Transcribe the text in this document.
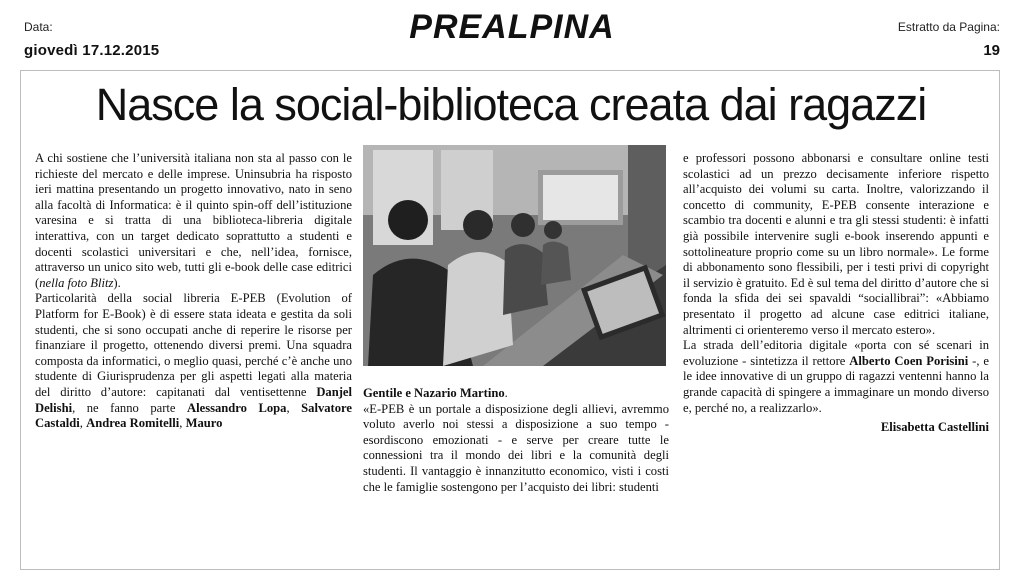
Data:
giovedì 17.12.2015
PREALPINA	Estratto da Pagina:
19
Nasce la social-biblioteca creata dai ragazzi

A chi sostiene che l’università italiana non sta al passo con le richieste del mercato e delle imprese. Uninsubria ha risposto ieri mattina presentando un progetto innovativo, nato in seno alla facoltà di Informatica: è il quinto spin-off dell’istituzione varesina e si tratta di una biblioteca-libreria digitale interattiva, con un target dedicato soprattutto a studenti e docenti scolastici universitari e che, nell’idea, fornisce, attraverso un unico sito web, tutti gli e-book delle case editrici (nella foto Blitz).

Particolarità della social libreria E-PEB (Evolution of Platform for E-Book) è di essere stata ideata e gestita da soli studenti, che si sono occupati anche di reperire le risorse per finanziare il progetto, ottenendo diversi premi. Una squadra composta da informatici, o meglio quasi, perché c’è anche uno studente di Giurisprudenza per gli aspetti legati alla materia del diritto d’autore: capitanati dal ventisettenne Danjel Delishi, ne fanno parte Alessandro Lopa, Salvatore Castaldi, Andrea Romitelli, Mauro

Gentile e Nazario Martino.

«E-PEB è un portale a disposizione degli allievi, avremmo voluto averlo noi stessi a disposizione a suo tempo - esordiscono emozionati - e serve per creare tutte le connessioni tra il mondo dei libri e la comunità degli studenti. Il vantaggio è innanzitutto economico, visti i costi che le famiglie sostengono per l’acquisto dei libri: studenti

e professori possono abbonarsi e consultare online testi scolastici ad un prezzo decisamente inferiore rispetto all’acquisto dei volumi su carta. Inoltre, valorizzando il concetto di community, E-PEB consente interazione e scambio tra docenti e alunni e tra gli stessi studenti: è infatti già possibile intervenire sugli e-book inserendo appunti e sottolineature proprio come su un libro normale». Le forme di abbonamento sono flessibili, per i testi privi di copyright il servizio è gratuito. Ed è sul tema del diritto d’autore che si fonda la sfida dei sei spavaldi “sociallibrai”: «Abbiamo presentato il progetto ad alcune case editrici italiane, altrimenti ci orienteremo verso il mercato estero».

La strada dell’editoria digitale «porta con sé scenari in evoluzione - sintetizza il rettore Alberto Coen Porisini -, e le idee innovative di un gruppo di ragazzi ventenni hanno la grande capacità di spingere a immaginare un mondo diverso e, perché no, a realizzarlo».

Elisabetta Castellini
